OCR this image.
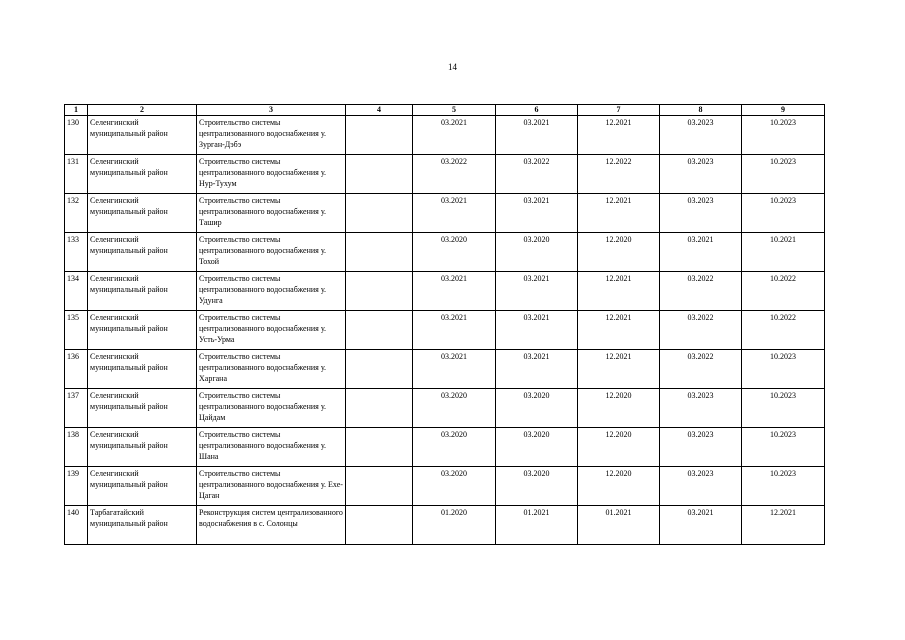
14
1	2	3	4	5	6	7	8	9
130	Селенгинский муниципальный район	Строительство системы централизованного водоснабжения у. Зурган-Дэбэ		03.2021	03.2021	12.2021	03.2023	10.2023
131	Селенгинский муниципальный район	Строительство системы централизованного водоснабжения у. Нур-Тухум		03.2022	03.2022	12.2022	03.2023	10.2023
132	Селенгинский муниципальный район	Строительство системы централизованного водоснабжения у. Ташир		03.2021	03.2021	12.2021	03.2023	10.2023
133	Селенгинский муниципальный район	Строительство системы централизованного водоснабжения у. Тохой		03.2020	03.2020	12.2020	03.2021	10.2021
134	Селенгинский муниципальный район	Строительство системы централизованного водоснабжения у. Удунга		03.2021	03.2021	12.2021	03.2022	10.2022
135	Селенгинский муниципальный район	Строительство системы централизованного водоснабжения у. Усть-Урма		03.2021	03.2021	12.2021	03.2022	10.2022
136	Селенгинский муниципальный район	Строительство системы централизованного водоснабжения у. Харгана		03.2021	03.2021	12.2021	03.2022	10.2023
137	Селенгинский муниципальный район	Строительство системы централизованного водоснабжения у. Цайдам		03.2020	03.2020	12.2020	03.2023	10.2023
138	Селенгинский муниципальный район	Строительство системы централизованного водоснабжения у. Шана		03.2020	03.2020	12.2020	03.2023	10.2023
139	Селенгинский муниципальный район	Строительство системы централизованного водоснабжения у. Ехе-Цаган		03.2020	03.2020	12.2020	03.2023	10.2023
140	Тарбагатайский муниципальный район	Реконструкция систем централизованного водоснабжения в с. Солонцы		01.2020	01.2021	01.2021	03.2021	12.2021
